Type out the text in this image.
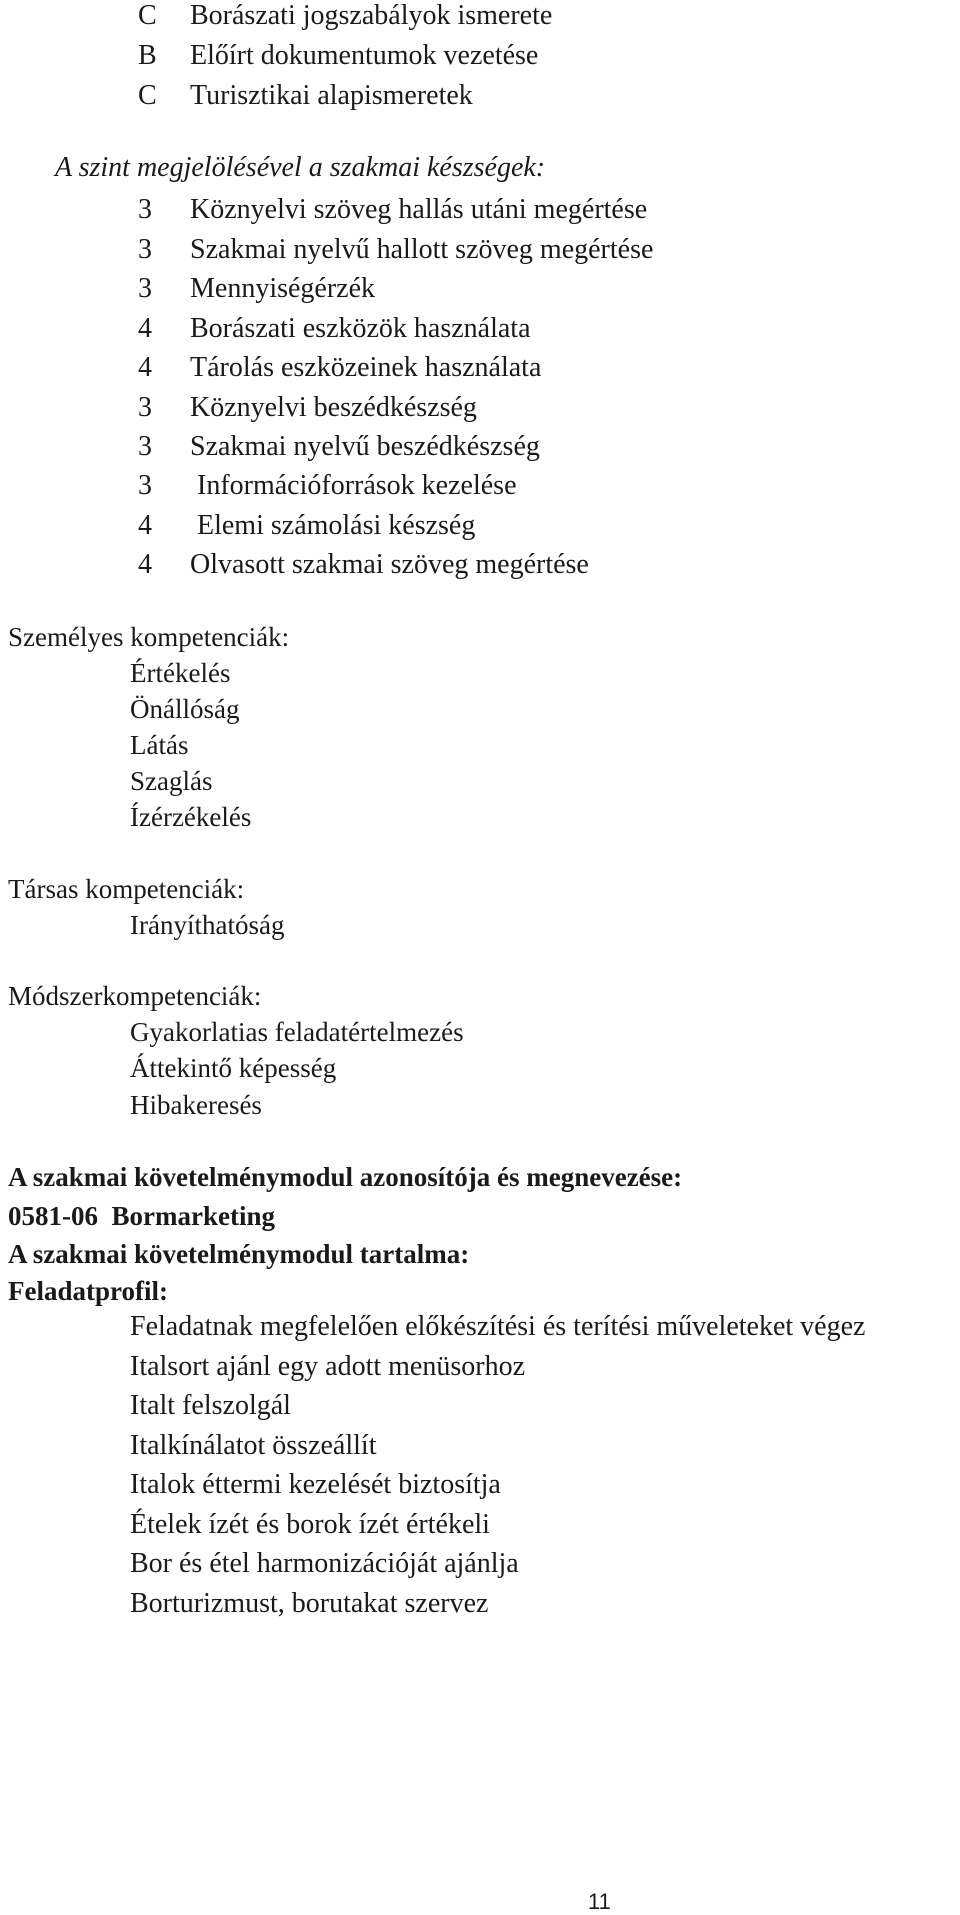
C Borászati jogszabályok ismerete
B Előírt dokumentumok vezetése
C Turisztikai alapismeretek
A szint megjelölésével a szakmai készségek:
3 Köznyelvi szöveg hallás utáni megértése
3 Szakmai nyelvű hallott szöveg megértése
3 Mennyiségérzék
4 Borászati eszközök használata
4 Tárolás eszközeinek használata
3 Köznyelvi beszédkészség
3 Szakmai nyelvű beszédkészség
3 Információforrások kezelése
4 Elemi számolási készség
4 Olvasott szakmai szöveg megértése
Személyes kompetenciák:
Értékelés
Önállóság
Látás
Szaglás
Ízérzékelés
Társas kompetenciák:
Irányíthatóság
Módszerkompetenciák:
Gyakorlatias feladatértelmezés
Áttekintő képesség
Hibakeresés
A szakmai követelménymodul azonosítója és megnevezése:
0581-06  Bormarketing
A szakmai követelménymodul tartalma:
Feladatprofil:
Feladatnak megfelelően előkészítési és terítési műveleteket végez
Italsort ajánl egy adott menüsorhoz
Italt felszolgál
Italkínálatot összeállít
Italok éttermi kezelését biztosítja
Ételek ízét és borok ízét értékeli
Bor és étel harmonizációját ajánlja
Borturizmust, borutakat szervez
11
